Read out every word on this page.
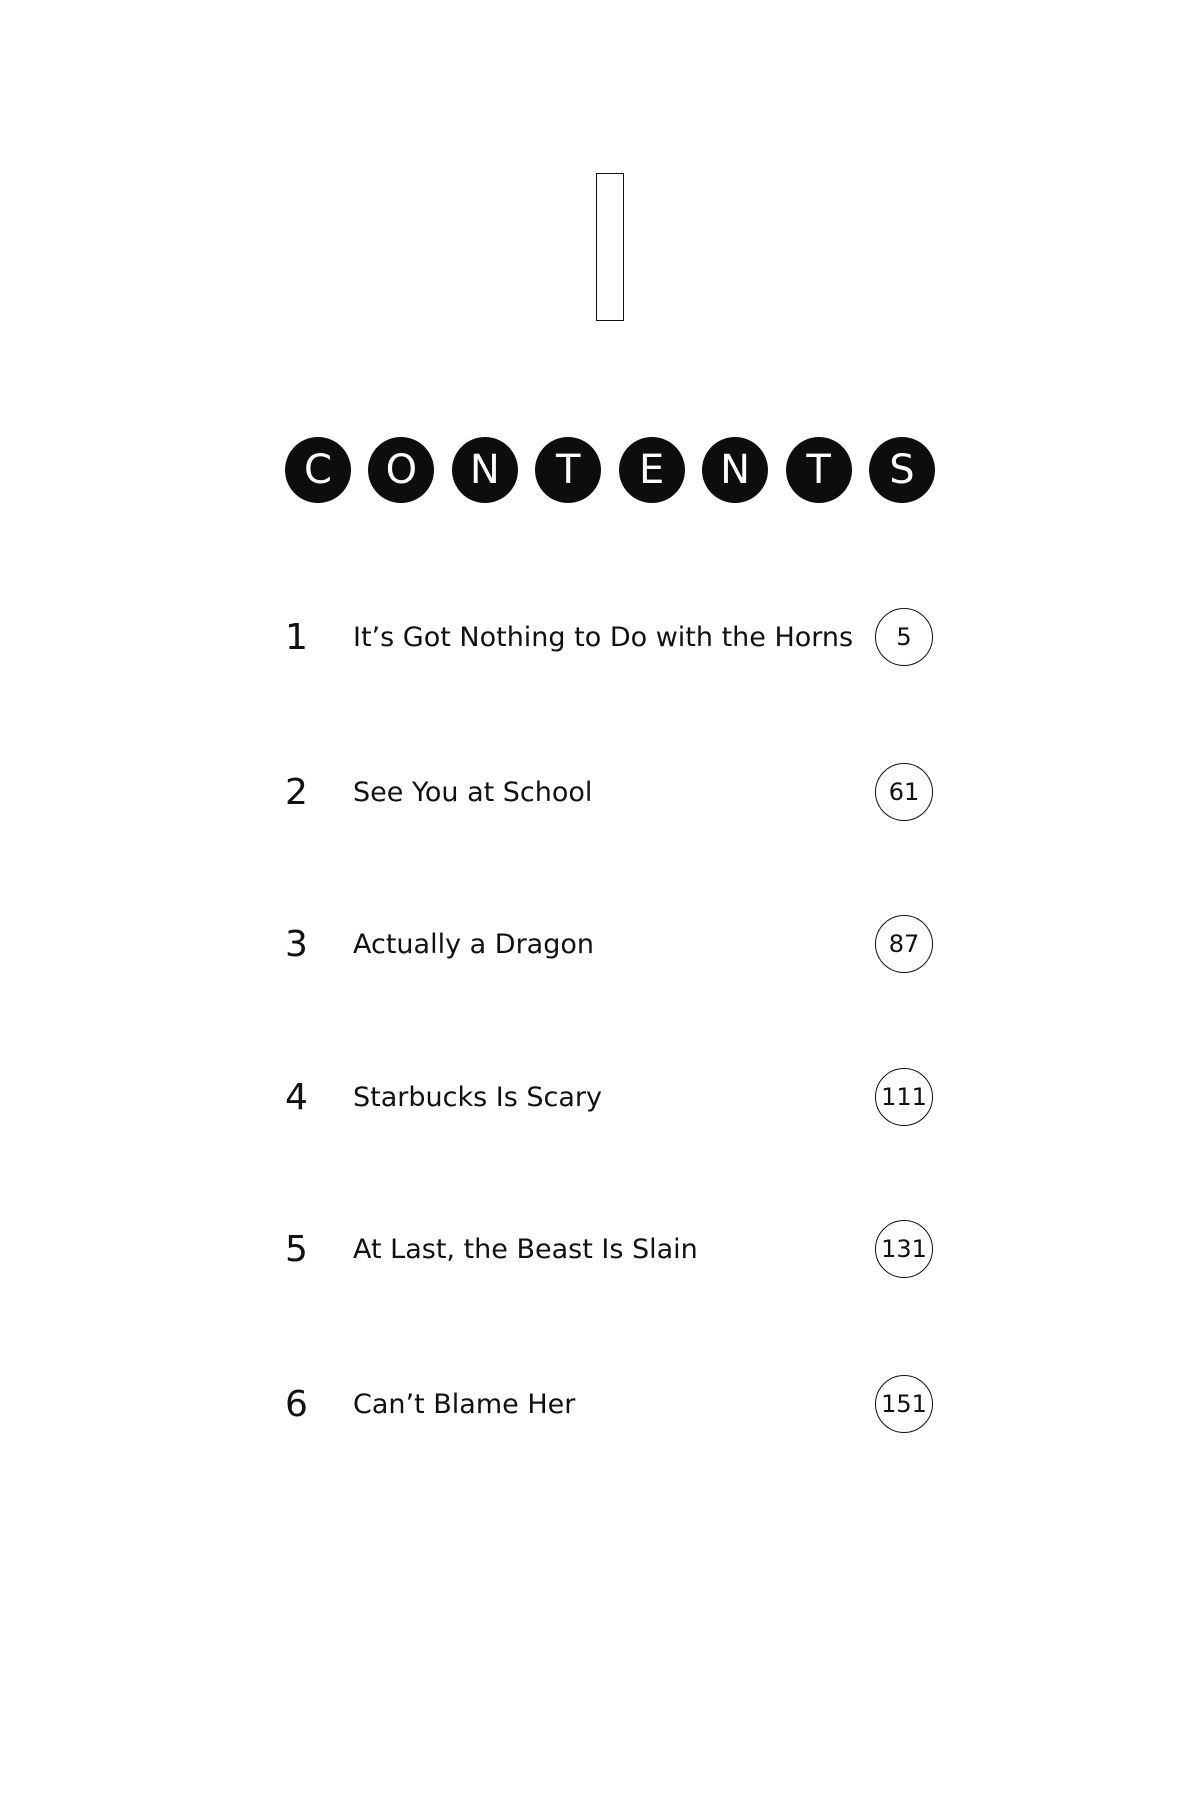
C	O	N	T	E	N	T	S
1	It’s Got Nothing to Do with the Horns	5
2	See You at School	61
3	Actually a Dragon	87
4	Starbucks Is Scary	111
5	At Last, the Beast Is Slain	131
6	Can’t Blame Her	151
